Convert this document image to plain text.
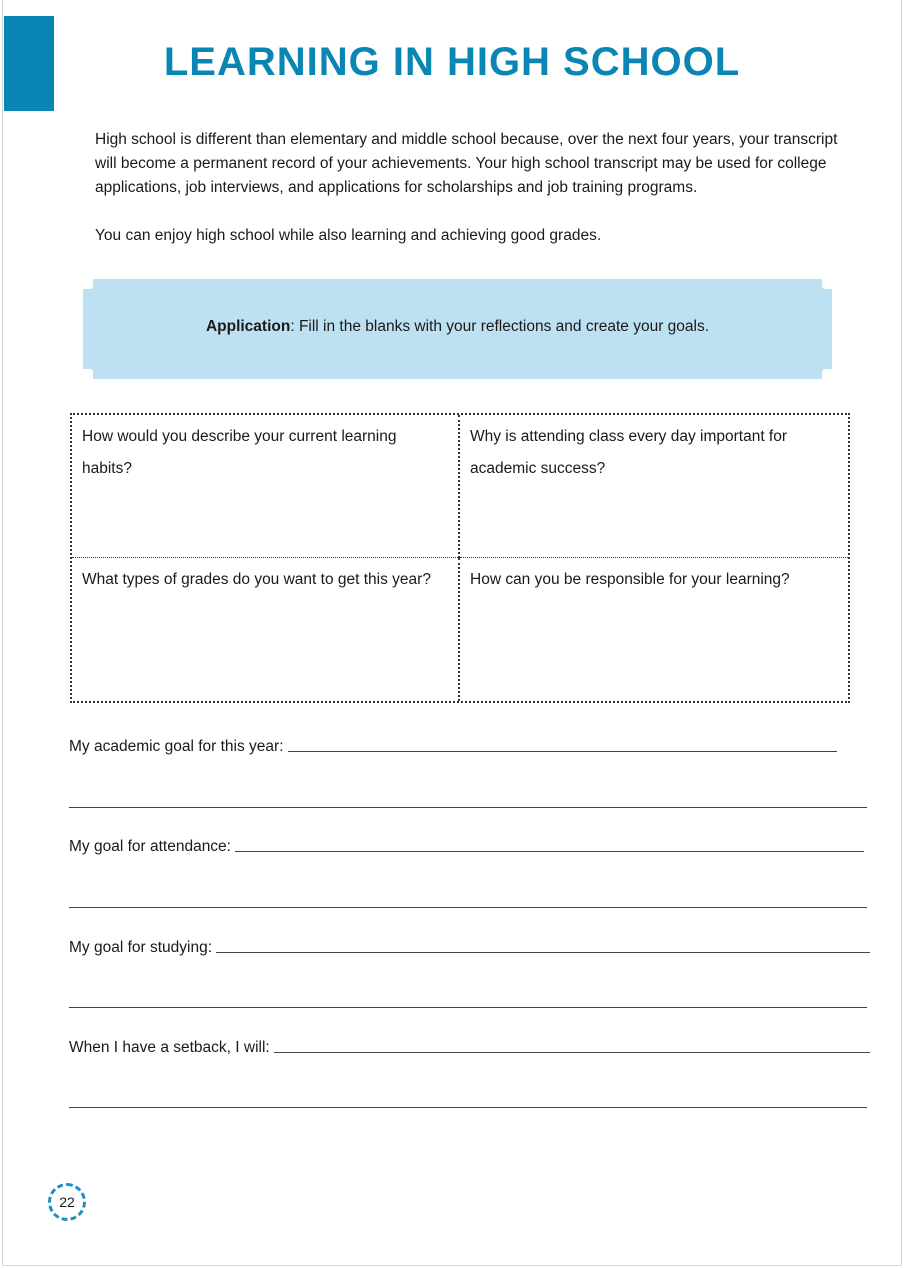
LEARNING IN HIGH SCHOOL

High school is different than elementary and middle school because, over the next four years, your transcript will become a permanent record of your achievements. Your high school transcript may be used for college applications, job interviews, and applications for scholarships and job training programs.

You can enjoy high school while also learning and achieving good grades.

Application: Fill in the blanks with your reflections and create your goals.
How would you describe your current learning habits?
Why is attending class every day important for academic success?
What types of grades do you want to get this year?	How can you be responsible for your learning?
My academic goal for this year:
My goal for attendance:
My goal for studying:
When I have a setback, I will:
22
